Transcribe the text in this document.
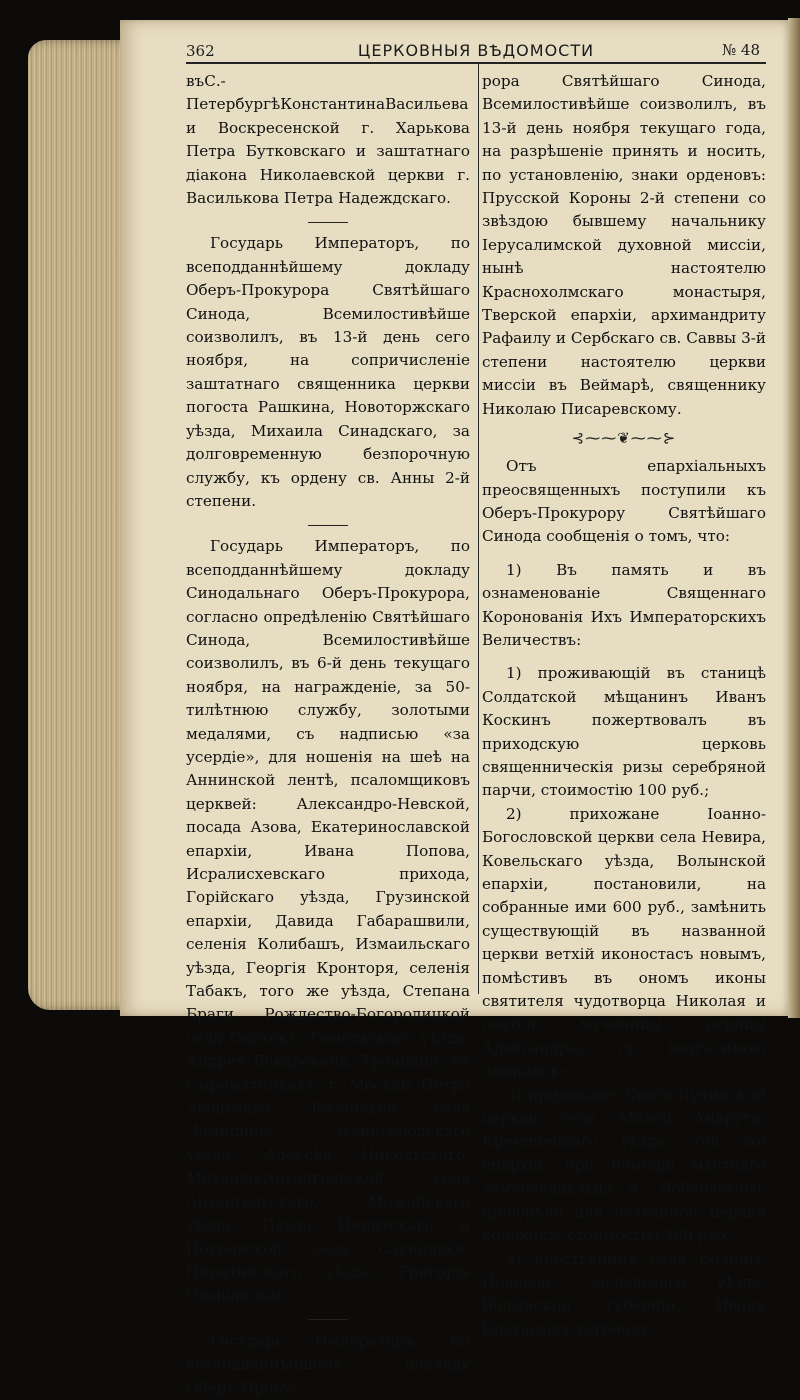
362	ЦЕРКОВНЫЯ ВѢДОМОСТИ	№ 48

въС.-ПетербургѣКонстантинаВасильева и Воскресенской г. Харькова Петра Бутковскаго и заштатнаго діакона Николаевской церкви г. Василькова Петра Надеждскаго.

Государь Императоръ, по всеподданнѣйшему докладу Оберъ-Прокурора Святѣйшаго Синода, Всемилостивѣйше соизволилъ, въ 13-й день сего ноября, на сопричисленіе заштатнаго священника церкви погоста Рашкина, Новоторжскаго уѣзда, Михаила Синадскаго, за долговременную безпорочную службу, къ ордену св. Анны 2-й степени.

Государь Императоръ, по всеподданнѣйшему докладу Синодальнаго Оберъ-Прокурора, согласно опредѣленію Святѣйшаго Синода, Всемилостивѣйше соизволилъ, въ 6-й день текущаго ноября, на награжденіе, за 50-тилѣтнюю службу, золотыми медалями, съ надписью «за усердіе», для ношенія на шеѣ на Аннинской лентѣ, псаломщиковъ церквей: Александро-Невской, посада Азова, Екатеринославской епархіи, Ивана Попова, Исралисхевскаго прихода, Горійскаго уѣзда, Грузинской епархіи, Давида Габарашвили, селенія Колибашъ, Измаильскаго уѣзда, Георгія Кронторя, селенія Табакъ, того же уѣзда, Степана Браги, Рождество-Богородицкой села Скитокъ, Гомельскаго уѣзда, Андрея Бекаревича, Троицкой, въ Сыромятникахъ, г. Москвы Петра Аѳонскаго, Казанской села Ламишина, Звенигородскаго уѣзда, Алексѣя Никольскаго, Михаило-Архангельской села Архангельскаго, Можайскаго уѣзда, Павла Никитскаго и Покровской села Сасиновки, Пирятинскаго уѣзда, Григорія Ольшанскаго.

Государь Императоръ, по всеподданнѣйшему докладу Оберъ-Проку-

рора Святѣйшаго Синода, Всемилостивѣйше соизволилъ, въ 13-й день ноября текущаго года, на разрѣшеніе принять и носить, по установленію, знаки орденовъ: Прусской Короны 2-й степени со звѣздою бывшему начальнику Іерусалимской духовной миссіи, нынѣ настоятелю Краснохолмскаго монастыря, Тверской епархіи, архимандриту Рафаилу и Сербскаго св. Саввы 3-й степени настоятелю церкви миссіи въ Веймарѣ, священнику Николаю Писаревскому.

⊰⁓⁓❦⁓⁓⊱

Отъ епархіальныхъ преосвященныхъ поступили къ Оберъ-Прокурору Святѣйшаго Синода сообщенія о томъ, что:

1) Въ память и въ ознаменованіе Священнаго Коронованія Ихъ Императорскихъ Величествъ:

1) проживающій въ станицѣ Солдатской мѣщанинъ Иванъ Коскинъ пожертвовалъ въ приходскую церковь священническія ризы серебряной парчи, стоимостію 100 руб.;

2) прихожане Іоанно-Богословской церкви села Невира, Ковельскаго уѣзда, Волынской епархіи, постановили, на собранные ими 600 руб., замѣнить существующій въ названной церкви ветхій иконостасъ новымъ, помѣстивъ въ ономъ иконы святителя чудотворца Николая и святой мученицы царицы Александры, съ неугасимою лампадою;

3) прихожане Свято-Лукинской церкви села Малой Андруги, Кременецкаго уѣзда, той же епархіи, при помощи мѣстнаго землевладѣльца А. Лобковскаго, пріобрѣли для названной церкви колоколъ, стоимостію 300 руб.;

4) крестьянинъ села Волицы-Полевой, Заславскаго уѣзда, Волынской губерніи, Иванъ Кратасюкъ устроилъ
